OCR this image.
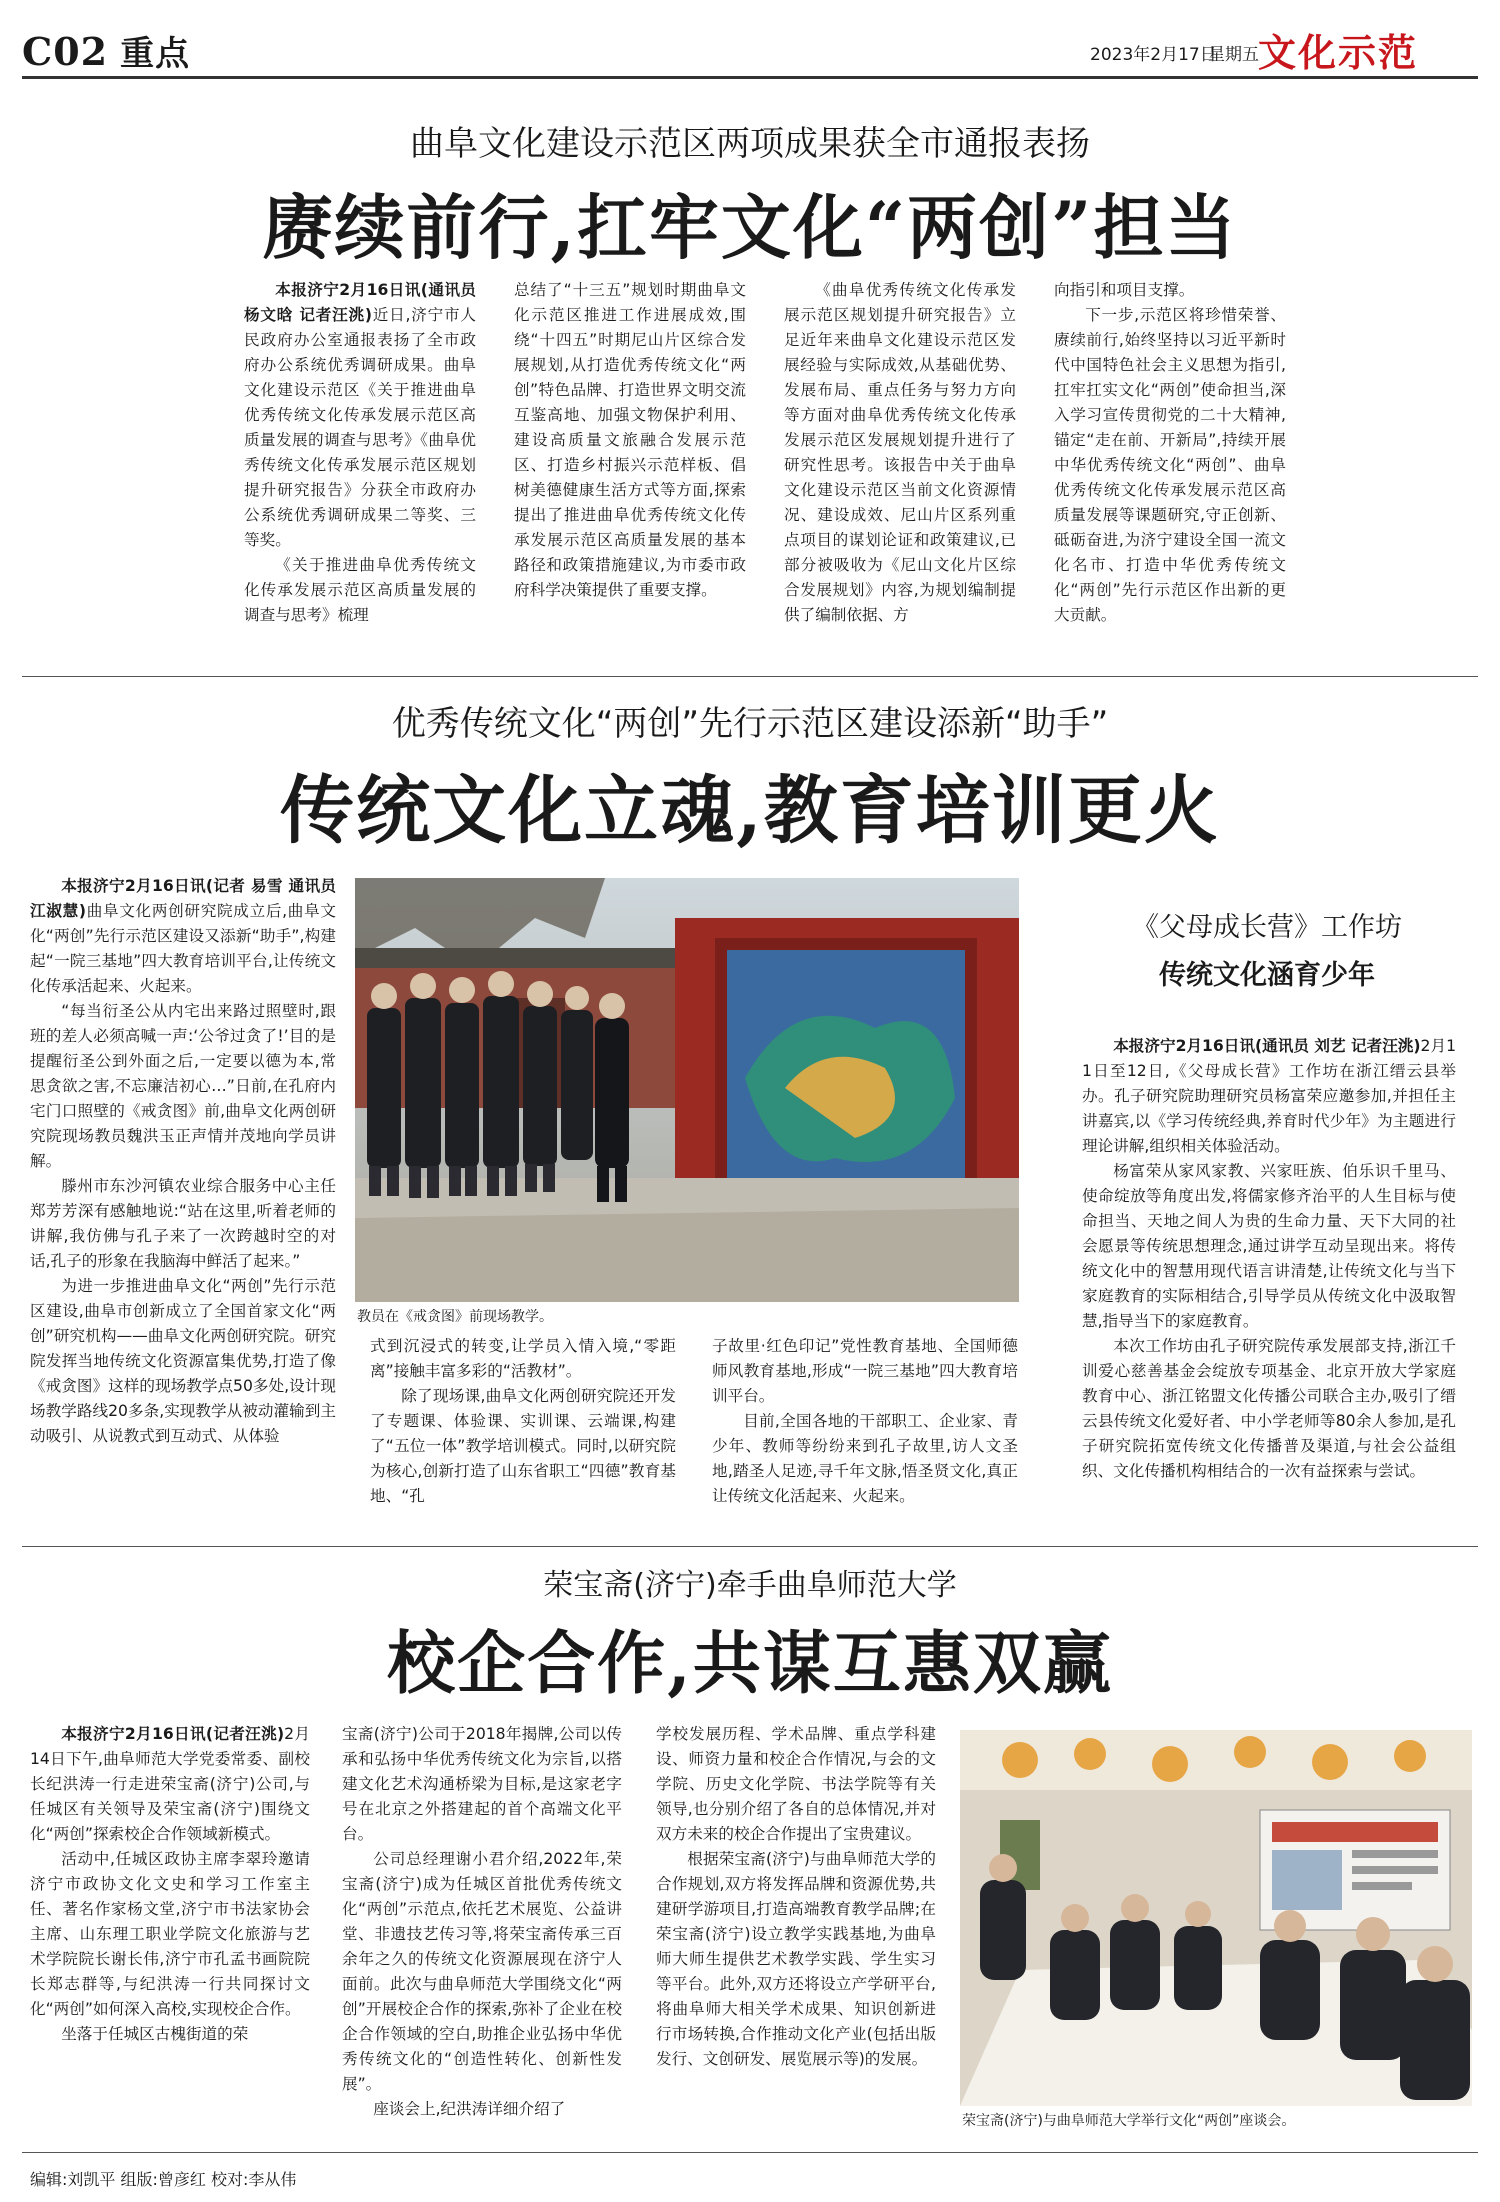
C02 重点	2023年2月17日
星期五 文化示范
曲阜文化建设示范区两项成果获全市通报表扬
赓续前行,扛牢文化“两创”担当

本报济宁2月16日讯(通讯员 杨文晗 记者汪洮)近日,济宁市人民政府办公室通报表扬了全市政府办公系统优秀调研成果。曲阜文化建设示范区《关于推进曲阜优秀传统文化传承发展示范区高质量发展的调查与思考》《曲阜优秀传统文化传承发展示范区规划提升研究报告》分获全市政府办公系统优秀调研成果二等奖、三等奖。

《关于推进曲阜优秀传统文化传承发展示范区高质量发展的调查与思考》梳理

总结了“十三五”规划时期曲阜文化示范区推进工作进展成效,围绕“十四五”时期尼山片区综合发展规划,从打造优秀传统文化“两创”特色品牌、打造世界文明交流互鉴高地、加强文物保护利用、建设高质量文旅融合发展示范区、打造乡村振兴示范样板、倡树美德健康生活方式等方面,探索提出了推进曲阜优秀传统文化传承发展示范区高质量发展的基本路径和政策措施建议,为市委市政府科学决策提供了重要支撑。

《曲阜优秀传统文化传承发展示范区规划提升研究报告》立足近年来曲阜文化建设示范区发展经验与实际成效,从基础优势、发展布局、重点任务与努力方向等方面对曲阜优秀传统文化传承发展示范区发展规划提升进行了研究性思考。该报告中关于曲阜文化建设示范区当前文化资源情况、建设成效、尼山片区系列重点项目的谋划论证和政策建议,已部分被吸收为《尼山文化片区综合发展规划》内容,为规划编制提供了编制依据、方

向指引和项目支撑。

下一步,示范区将珍惜荣誉、赓续前行,始终坚持以习近平新时代中国特色社会主义思想为指引,扛牢扛实文化“两创”使命担当,深入学习宣传贯彻党的二十大精神,锚定“走在前、开新局”,持续开展中华优秀传统文化“两创”、曲阜优秀传统文化传承发展示范区高质量发展等课题研究,守正创新、砥砺奋进,为济宁建设全国一流文化名市、打造中华优秀传统文化“两创”先行示范区作出新的更大贡献。

优秀传统文化“两创”先行示范区建设添新“助手”
传统文化立魂,教育培训更火

本报济宁2月16日讯(记者 易雪 通讯员 江淑慧)曲阜文化两创研究院成立后,曲阜文化“两创”先行示范区建设又添新“助手”,构建起“一院三基地”四大教育培训平台,让传统文化传承活起来、火起来。

“每当衍圣公从内宅出来路过照壁时,跟班的差人必须高喊一声:‘公爷过贪了!’目的是提醒衍圣公到外面之后,一定要以德为本,常思贪欲之害,不忘廉洁初心…”日前,在孔府内宅门口照壁的《戒贪图》前,曲阜文化两创研究院现场教员魏洪玉正声情并茂地向学员讲解。

滕州市东沙河镇农业综合服务中心主任郑芳芳深有感触地说:“站在这里,听着老师的讲解,我仿佛与孔子来了一次跨越时空的对话,孔子的形象在我脑海中鲜活了起来。”

为进一步推进曲阜文化“两创”先行示范区建设,曲阜市创新成立了全国首家文化“两创”研究机构——曲阜文化两创研究院。研究院发挥当地传统文化资源富集优势,打造了像《戒贪图》这样的现场教学点50多处,设计现场教学路线20多条,实现教学从被动灌输到主动吸引、从说教式到互动式、从体验

教员在《戒贪图》前现场教学。

式到沉浸式的转变,让学员入情入境,“零距离”接触丰富多彩的“活教材”。

除了现场课,曲阜文化两创研究院还开发了专题课、体验课、实训课、云端课,构建了“五位一体”教学培训模式。同时,以研究院为核心,创新打造了山东省职工“四德”教育基地、“孔

子故里·红色印记”党性教育基地、全国师德师风教育基地,形成“一院三基地”四大教育培训平台。

目前,全国各地的干部职工、企业家、青少年、教师等纷纷来到孔子故里,访人文圣地,踏圣人足迹,寻千年文脉,悟圣贤文化,真正让传统文化活起来、火起来。

《父母成长营》工作坊
传统文化涵育少年

本报济宁2月16日讯(通讯员 刘艺 记者汪洮)2月11日至12日,《父母成长营》工作坊在浙江缙云县举办。孔子研究院助理研究员杨富荣应邀参加,并担任主讲嘉宾,以《学习传统经典,养育时代少年》为主题进行理论讲解,组织相关体验活动。

杨富荣从家风家教、兴家旺族、伯乐识千里马、使命绽放等角度出发,将儒家修齐治平的人生目标与使命担当、天地之间人为贵的生命力量、天下大同的社会愿景等传统思想理念,通过讲学互动呈现出来。将传统文化中的智慧用现代语言讲清楚,让传统文化与当下家庭教育的实际相结合,引导学员从传统文化中汲取智慧,指导当下的家庭教育。

本次工作坊由孔子研究院传承发展部支持,浙江千训爱心慈善基金会绽放专项基金、北京开放大学家庭教育中心、浙江铭盟文化传播公司联合主办,吸引了缙云县传统文化爱好者、中小学老师等80余人参加,是孔子研究院拓宽传统文化传播普及渠道,与社会公益组织、文化传播机构相结合的一次有益探索与尝试。

荣宝斋(济宁)牵手曲阜师范大学
校企合作,共谋互惠双赢

本报济宁2月16日讯(记者汪洮)2月14日下午,曲阜师范大学党委常委、副校长纪洪涛一行走进荣宝斋(济宁)公司,与任城区有关领导及荣宝斋(济宁)围绕文化“两创”探索校企合作领域新模式。

活动中,任城区政协主席李翠玲邀请济宁市政协文化文史和学习工作室主任、著名作家杨文堂,济宁市书法家协会主席、山东理工职业学院文化旅游与艺术学院院长谢长伟,济宁市孔孟书画院院长郑志群等,与纪洪涛一行共同探讨文化“两创”如何深入高校,实现校企合作。

坐落于任城区古槐街道的荣

宝斋(济宁)公司于2018年揭牌,公司以传承和弘扬中华优秀传统文化为宗旨,以搭建文化艺术沟通桥梁为目标,是这家老字号在北京之外搭建起的首个高端文化平台。

公司总经理谢小君介绍,2022年,荣宝斋(济宁)成为任城区首批优秀传统文化“两创”示范点,依托艺术展览、公益讲堂、非遗技艺传习等,将荣宝斋传承三百余年之久的传统文化资源展现在济宁人面前。此次与曲阜师范大学围绕文化“两创”开展校企合作的探索,弥补了企业在校企合作领域的空白,助推企业弘扬中华优秀传统文化的“创造性转化、创新性发展”。

座谈会上,纪洪涛详细介绍了

学校发展历程、学术品牌、重点学科建设、师资力量和校企合作情况,与会的文学院、历史文化学院、书法学院等有关领导,也分别介绍了各自的总体情况,并对双方未来的校企合作提出了宝贵建议。

根据荣宝斋(济宁)与曲阜师范大学的合作规划,双方将发挥品牌和资源优势,共建研学游项目,打造高端教育教学品牌;在荣宝斋(济宁)设立教学实践基地,为曲阜师大师生提供艺术教学实践、学生实习等平台。此外,双方还将设立产学研平台,将曲阜师大相关学术成果、知识创新进行市场转换,合作推动文化产业(包括出版发行、文创研发、展览展示等)的发展。

荣宝斋(济宁)与曲阜师范大学举行文化“两创”座谈会。
编辑:刘凯平 组版:曾彦红 校对:李从伟
